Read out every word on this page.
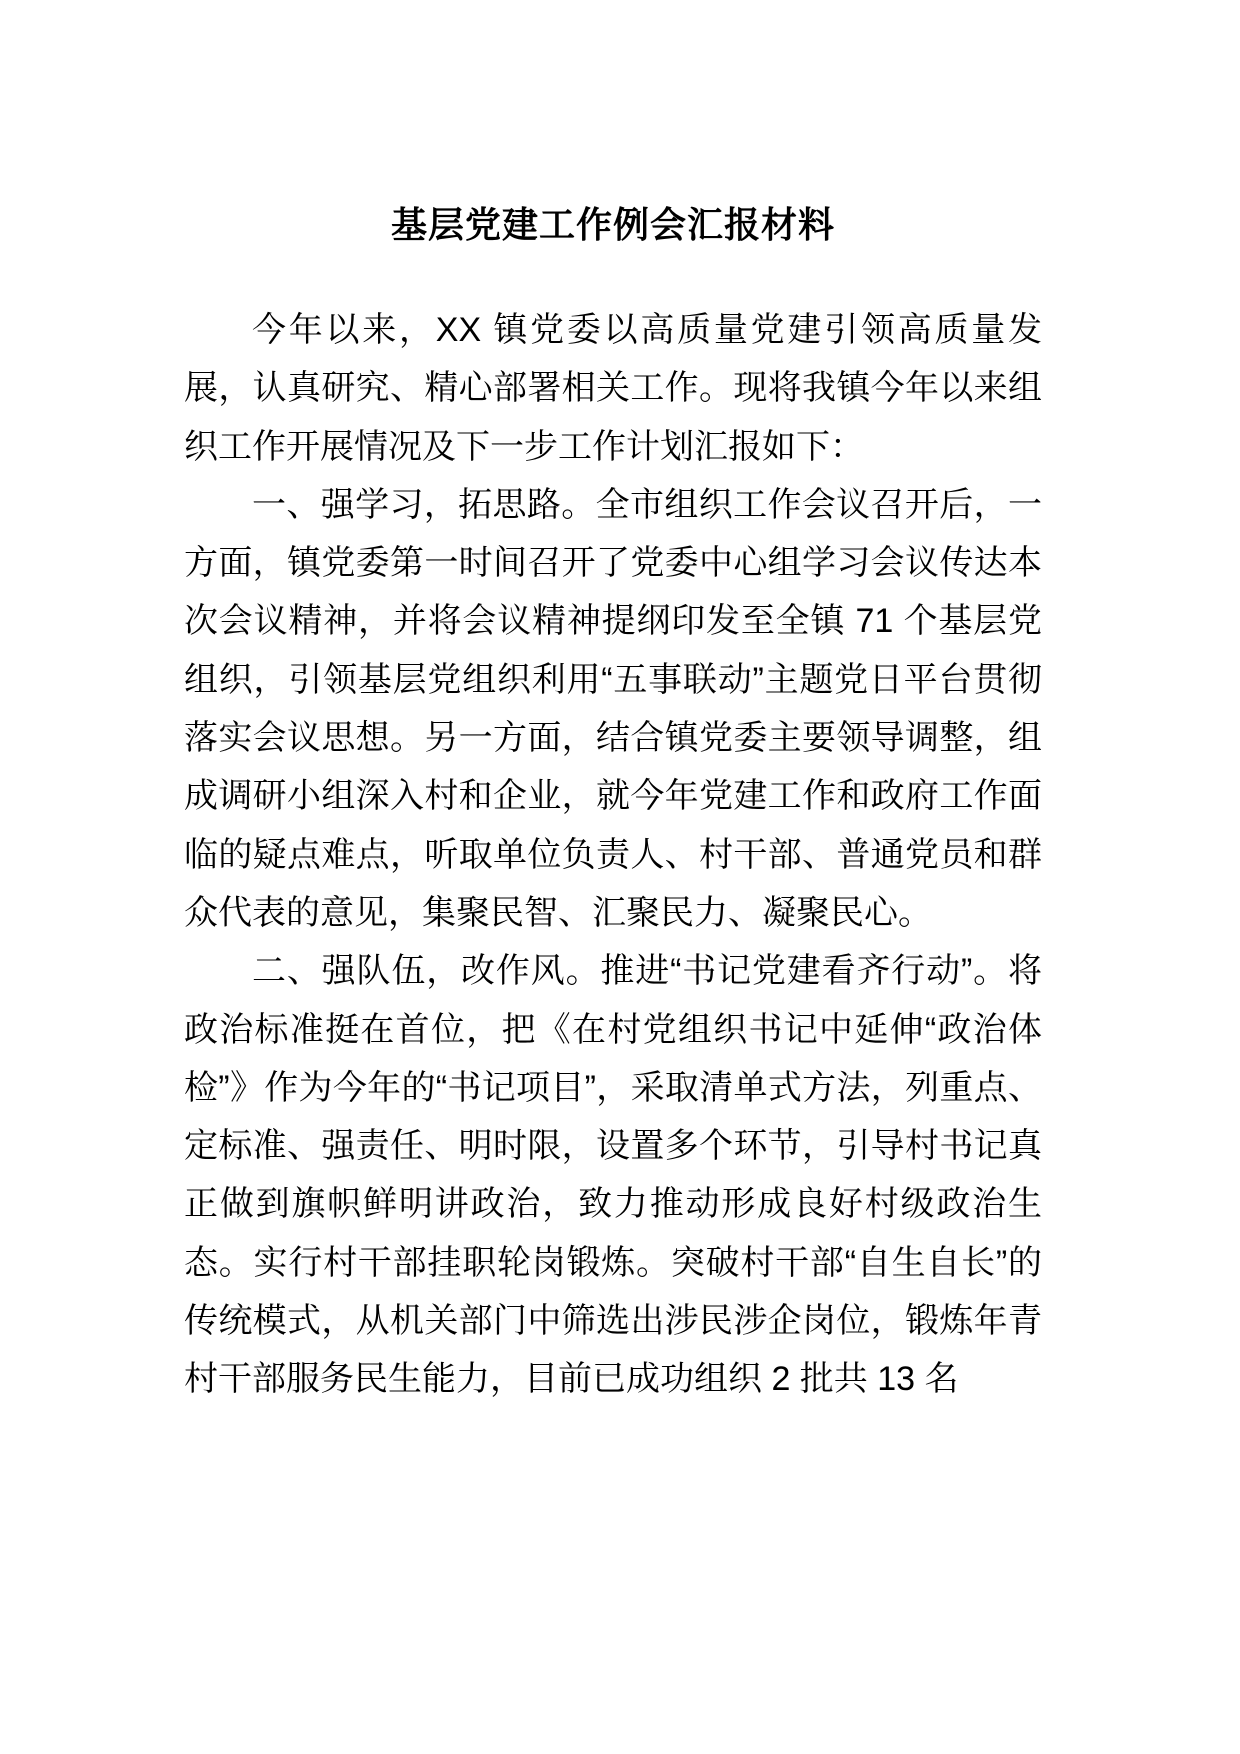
基层党建工作例会汇报材料

今年以来，XX 镇党委以高质量党建引领高质量发展，认真研究、精心部署相关工作。现将我镇今年以来组织工作开展情况及下一步工作计划汇报如下：

一、强学习，拓思路。全市组织工作会议召开后，一方面，镇党委第一时间召开了党委中心组学习会议传达本次会议精神，并将会议精神提纲印发至全镇 71 个基层党组织，引领基层党组织利用“五事联动”主题党日平台贯彻落实会议思想。另一方面，结合镇党委主要领导调整，组成调研小组深入村和企业，就今年党建工作和政府工作面临的疑点难点，听取单位负责人、村干部、普通党员和群众代表的意见，集聚民智、汇聚民力、凝聚民心。

二、强队伍，改作风。推进“书记党建看齐行动”。将政治标准挺在首位，把《在村党组织书记中延伸“政治体检”》作为今年的“书记项目”，采取清单式方法，列重点、定标准、强责任、明时限，设置多个环节，引导村书记真正做到旗帜鲜明讲政治，致力推动形成良好村级政治生态。实行村干部挂职轮岗锻炼。突破村干部“自生自长”的传统模式，从机关部门中筛选出涉民涉企岗位，锻炼年青村干部服务民生能力，目前已成功组织 2 批共 13 名
